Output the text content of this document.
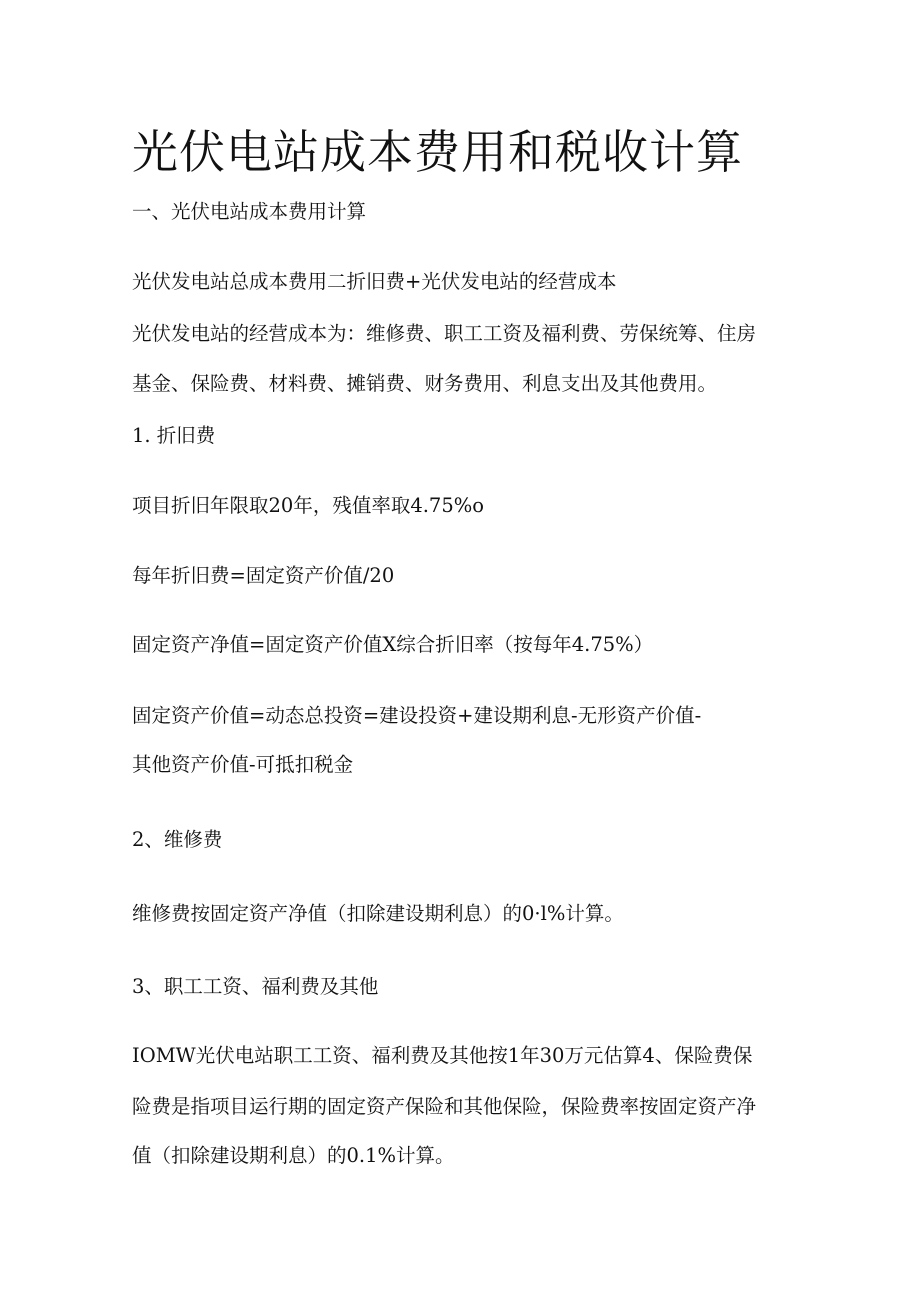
光伏电站成本费用和税收计算

一、光伏电站成本费用计算

光伏发电站总成本费用二折旧费+光伏发电站的经营成本

光伏发电站的经营成本为：维修费、职工工资及福利费、劳保统筹、住房

基金、保险费、材料费、摊销费、财务费用、利息支出及其他费用。

1. 折旧费

项目折旧年限取20年，残值率取4.75%o

每年折旧费=固定资产价值/20

固定资产净值=固定资产价值X综合折旧率（按每年4.75%）

固定资产价值=动态总投资=建设投资+建设期利息-无形资产价值-

其他资产价值-可抵扣税金

2、维修费

维修费按固定资产净值（扣除建设期利息）的0·l%计算。

3、职工工资、福利费及其他

IOMW光伏电站职工工资、福利费及其他按1年30万元估算4、保险费保

险费是指项目运行期的固定资产保险和其他保险，保险费率按固定资产净

值（扣除建设期利息）的0.1%计算。
